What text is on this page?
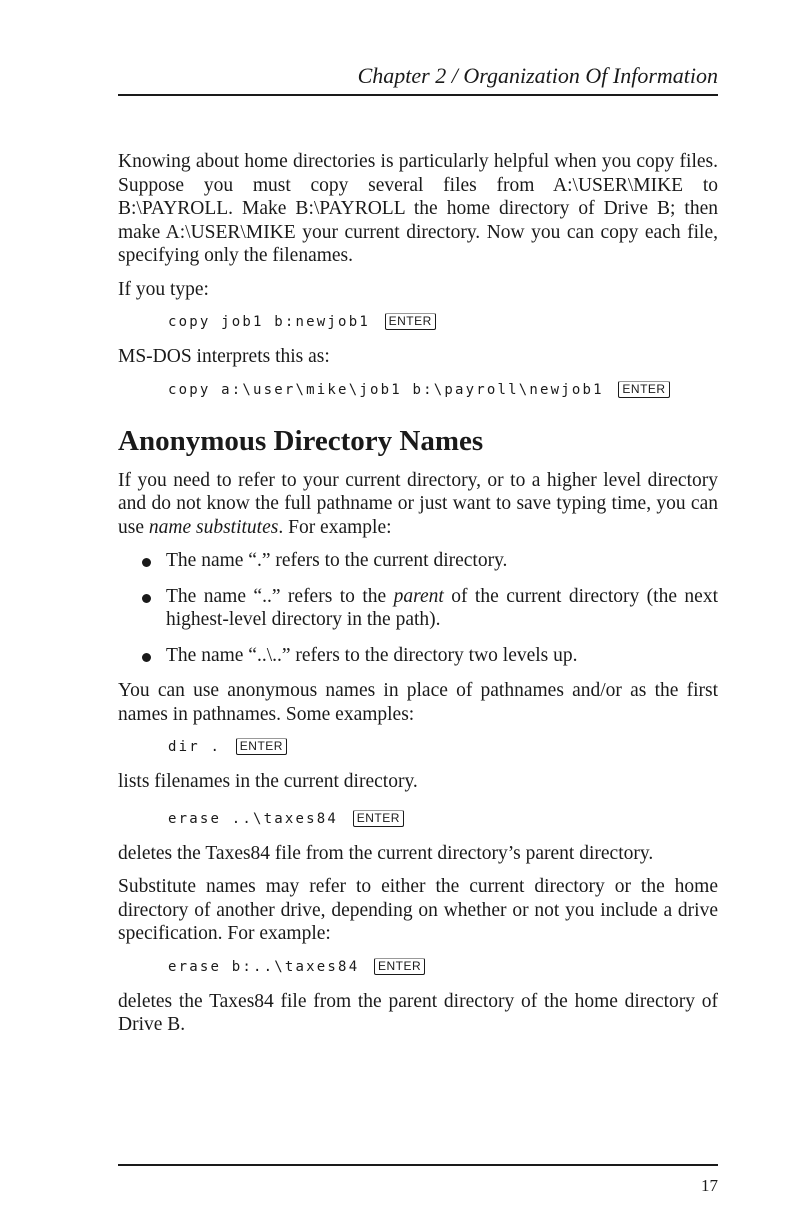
Chapter 2 / Organization Of Information

Knowing about home directories is particularly helpful when you copy files. Suppose you must copy several files from A:\USER\MIKE to B:\PAYROLL. Make B:\PAYROLL the home directory of Drive B; then make A:\USER\MIKE your current directory. Now you can copy each file, specifying only the filenames.

If you type:

copy job1 b:newjob1 ENTER

MS-DOS interprets this as:

copy a:\user\mike\job1 b:\payroll\newjob1 ENTER
Anonymous Directory Names

If you need to refer to your current directory, or to a higher level directory and do not know the full pathname or just want to save typing time, you can use name substitutes. For example:

The name “.” refers to the current directory.
The name “..” refers to the parent of the current directory (the next highest-level directory in the path).
The name “..\..” refers to the directory two levels up.

You can use anonymous names in place of pathnames and/or as the first names in pathnames. Some examples:

dir . ENTER

lists filenames in the current directory.

erase ..\taxes84 ENTER

deletes the Taxes84 file from the current directory’s parent directory.

Substitute names may refer to either the current directory or the home directory of another drive, depending on whether or not you include a drive specification. For example:

erase b:..\taxes84 ENTER

deletes the Taxes84 file from the parent directory of the home directory of Drive B.

17
